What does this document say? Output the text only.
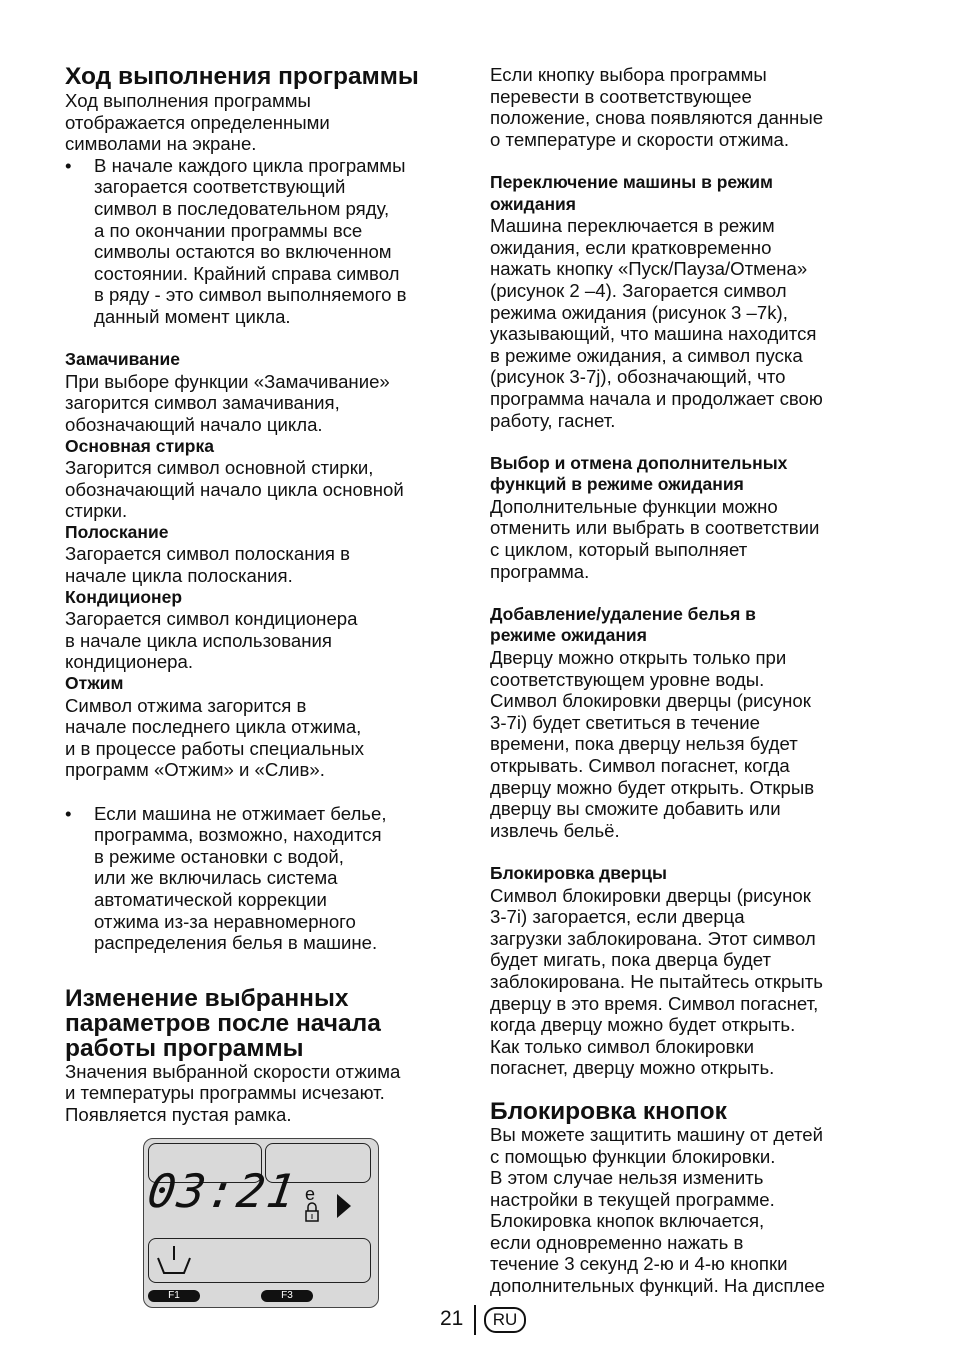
Ход выполнения программы
Ход выполнения программы
отображается определенными
символами на экране.
• В начале каждого цикла программы
загорается соответствующий
символ в последовательном ряду,
а по окончании программы все
символы остаются во включенном
состоянии. Крайний справа символ
в ряду - это символ выполняемого в
данный момент цикла.
Замачивание
При выборе функции «Замачивание»
загорится символ замачивания,
обозначающий начало цикла.
Основная стирка
Загорится символ основной стирки,
обозначающий начало цикла основной
стирки.
Полоскание
Загорается символ полоскания в
начале цикла полоскания.
Кондиционер
Загорается символ кондиционера
в начале цикла использования
кондиционера.
Отжим
Символ отжима загорится в
начале последнего цикла отжима,
и в процессе работы специальных
программ «Отжим» и «Слив».
• Если машина не отжимает белье,
программа, возможно, находится
в режиме остановки с водой,
или же включилась система
автоматической коррекции
отжима из-за неравномерного
распределения белья в машине.
Изменение выбранных
параметров после начала
работы программы
Значения выбранной скорости отжима
и температуры программы исчезают.
Появляется пустая рамка.
03:21 e
F1	F3
Если кнопку выбора программы
перевести в соответствующее
положение, снова появляются данные
о температуре и скорости отжима.
Переключение машины в режим
ожидания
Машина переключается в режим
ожидания, если кратковременно
нажать кнопку «Пуск/Пауза/Отмена»
(рисунок 2 –4). Загорается символ
режима ожидания (рисунок 3 –7k),
указывающий, что машина находится
в режиме ожидания, а символ пуска
(рисунок 3-7j), обозначающий, что
программа начала и продолжает свою
работу, гаснет.
Выбор и отмена дополнительных
функций в режиме ожидания
Дополнительные функции можно
отменить или выбрать в соответствии
с циклом, который выполняет
программа.
Добавление/удаление белья в
режиме ожидания
Дверцу можно открыть только при
соответствующем уровне воды.
Символ блокировки дверцы (рисунок
3-7i) будет светиться в течение
времени, пока дверцу нельзя будет
открывать. Символ погаснет, когда
дверцу можно будет открыть. Открыв
дверцу вы сможите добавить или
извлечь бельё.
Блокировка дверцы
Символ блокировки дверцы (рисунок
3-7i) загорается, если дверца
загрузки заблокирована. Этот символ
будет мигать, пока дверца будет
заблокирована. Не пытайтесь открыть
дверцу в это время. Символ погаснет,
когда дверцу можно будет открыть.
Как только символ блокировки
погаснет, дверцу можно открыть.
Блокировка кнопок
Вы можете защитить машину от детей
с помощью функции блокировки.
В этом случае нельзя изменить
настройки в текущей программе.
Блокировка кнопок включается,
если одновременно нажать в
течение 3 секунд 2-ю и 4-ю кнопки
дополнительных функций. На дисплее
21	RU
